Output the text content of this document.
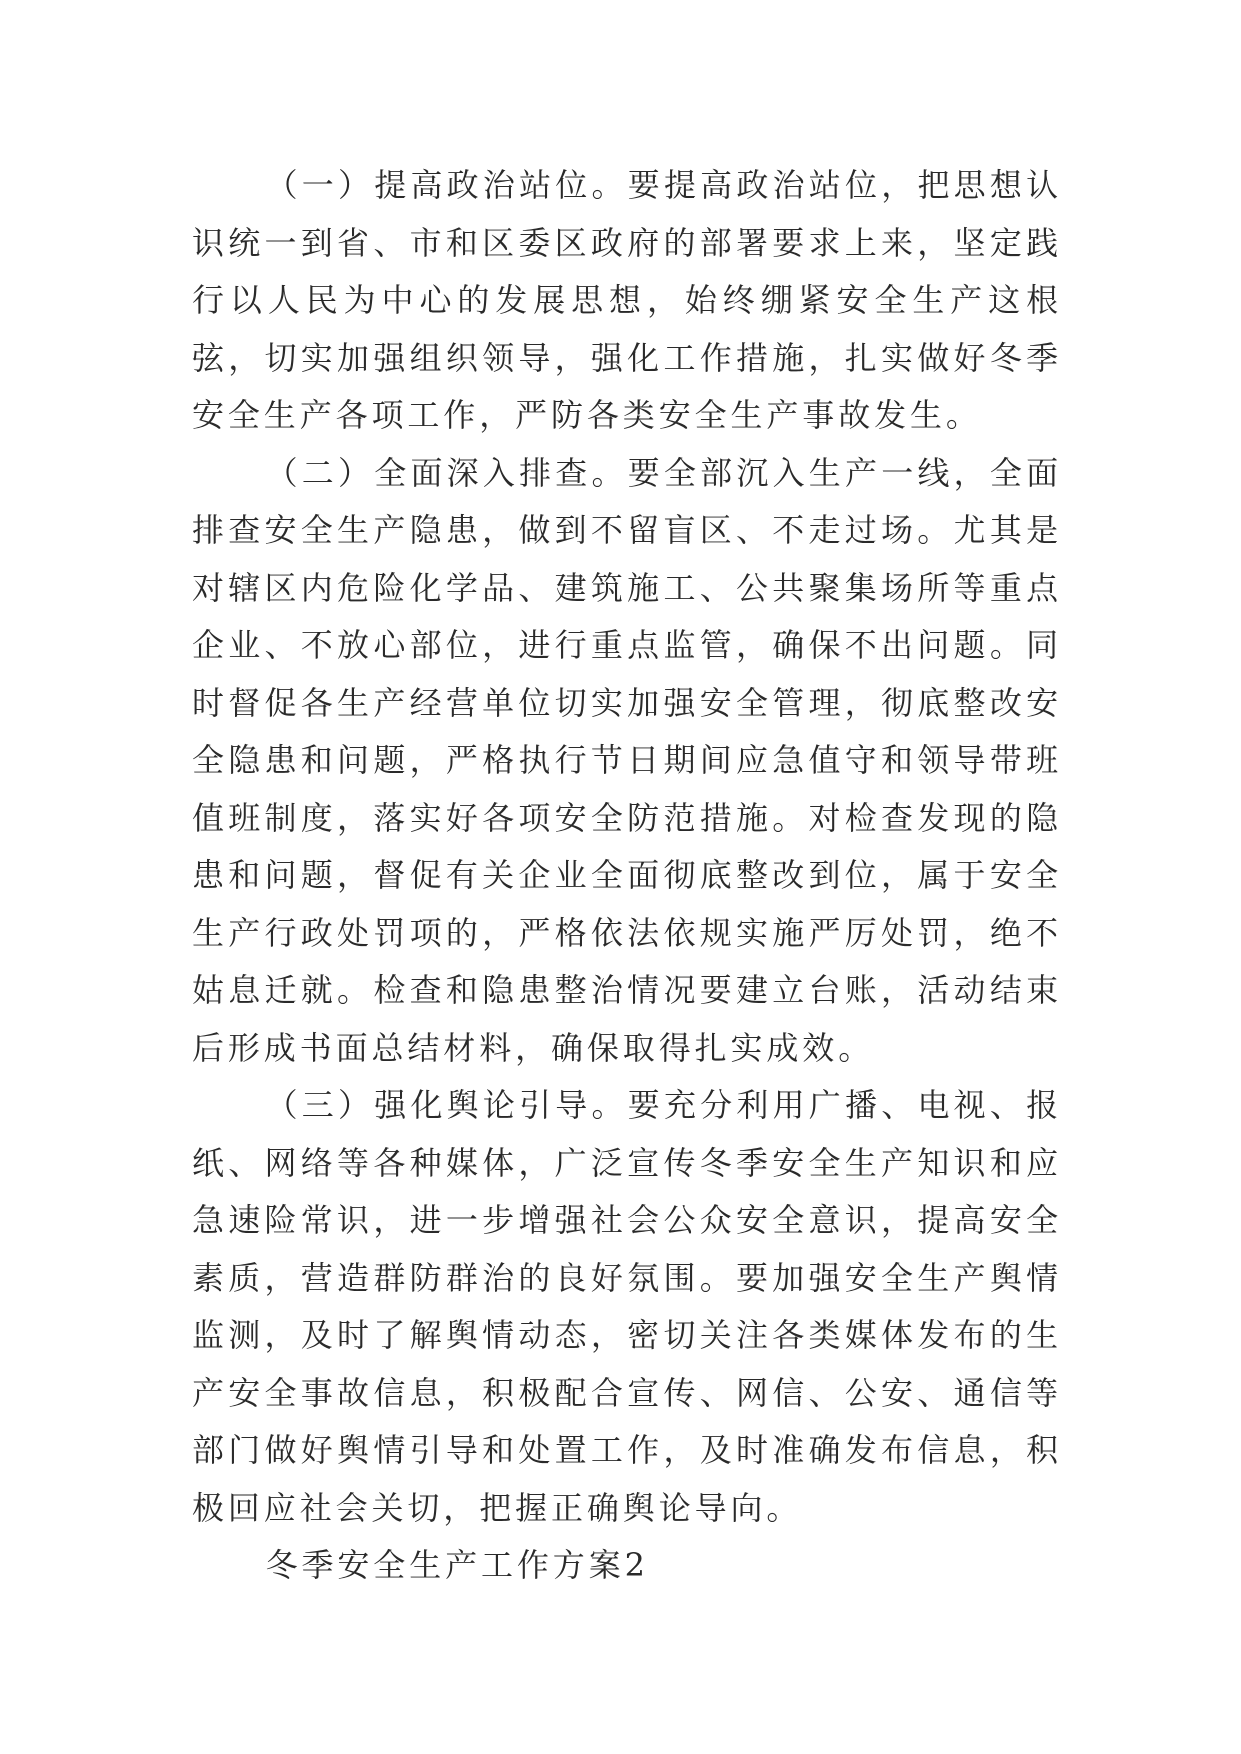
（一）提高政治站位。要提高政治站位，把思想认识统一到省、市和区委区政府的部署要求上来，坚定践行以人民为中心的发展思想，始终绷紧安全生产这根弦，切实加强组织领导，强化工作措施，扎实做好冬季安全生产各项工作，严防各类安全生产事故发生。

（二）全面深入排查。要全部沉入生产一线，全面排查安全生产隐患，做到不留盲区、不走过场。尤其是对辖区内危险化学品、建筑施工、公共聚集场所等重点企业、不放心部位，进行重点监管，确保不出问题。同时督促各生产经营单位切实加强安全管理，彻底整改安全隐患和问题，严格执行节日期间应急值守和领导带班值班制度，落实好各项安全防范措施。对检查发现的隐患和问题，督促有关企业全面彻底整改到位，属于安全生产行政处罚项的，严格依法依规实施严厉处罚，绝不姑息迁就。检查和隐患整治情况要建立台账，活动结束后形成书面总结材料，确保取得扎实成效。

（三）强化舆论引导。要充分利用广播、电视、报纸、网络等各种媒体，广泛宣传冬季安全生产知识和应急速险常识，进一步增强社会公众安全意识，提高安全素质，营造群防群治的良好氛围。要加强安全生产舆情监测，及时了解舆情动态，密切关注各类媒体发布的生产安全事故信息，积极配合宣传、网信、公安、通信等部门做好舆情引导和处置工作，及时准确发布信息，积极回应社会关切，把握正确舆论导向。

冬季安全生产工作方案2
